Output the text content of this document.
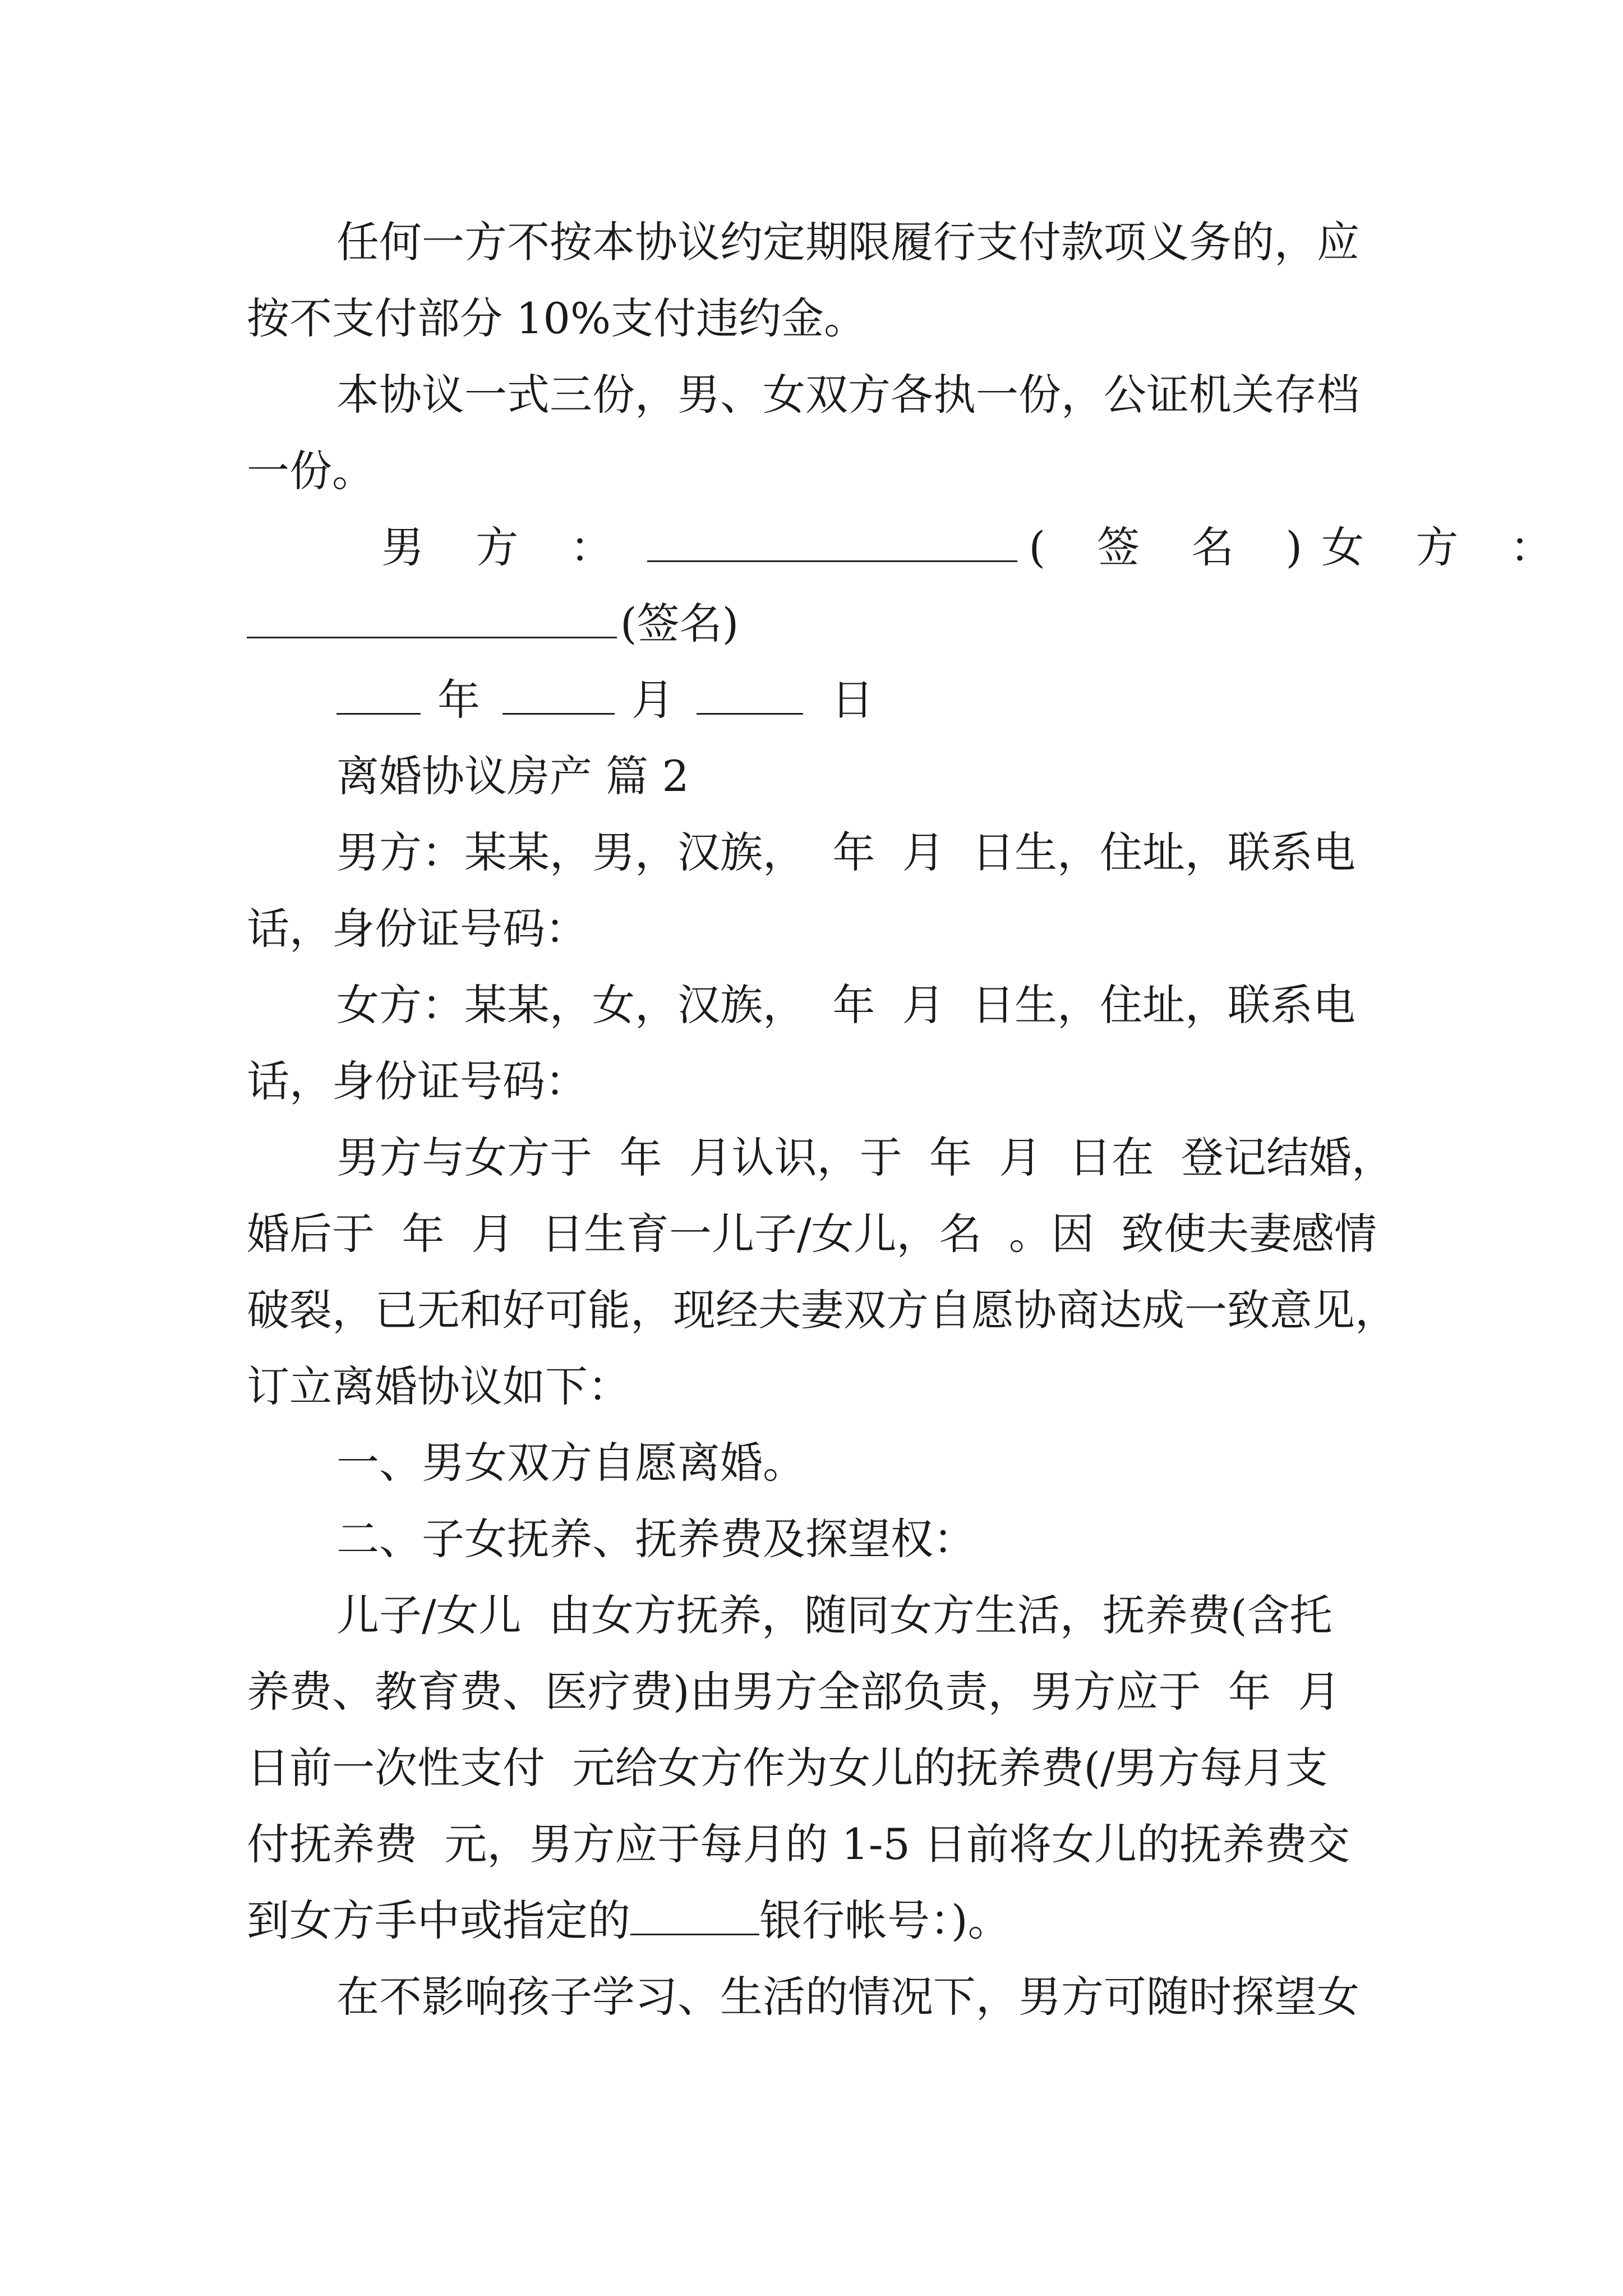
任何一方不按本协议约定期限履行支付款项义务的，应
按不支付部分 10%支付违约金。
本协议一式三份，男、女双方各执一份，公证机关存档
一份。
男 方 ：	( 签 名 )女 方 ：
(签名)
年	月	日
离婚协议房产 篇 2
男方：某某，男，汉族，  年  月  日生，住址，联系电
话，身份证号码：
女方：某某，女，汉族，  年  月  日生，住址，联系电
话，身份证号码：
男方与女方于  年  月认识，于  年  月  日在  登记结婚，
婚后于  年  月  日生育一儿子/女儿，名  。因  致使夫妻感情
破裂，已无和好可能，现经夫妻双方自愿协商达成一致意见，
订立离婚协议如下：
一、男女双方自愿离婚。
二、子女抚养、抚养费及探望权：
儿子/女儿  由女方抚养，随同女方生活，抚养费(含托
养费、教育费、医疗费)由男方全部负责，男方应于  年  月
日前一次性支付  元给女方作为女儿的抚养费(/男方每月支
付抚养费  元，男方应于每月的 1-5 日前将女儿的抚养费交
到女方手中或指定的	银行帐号：)。
在不影响孩子学习、生活的情况下，男方可随时探望女
